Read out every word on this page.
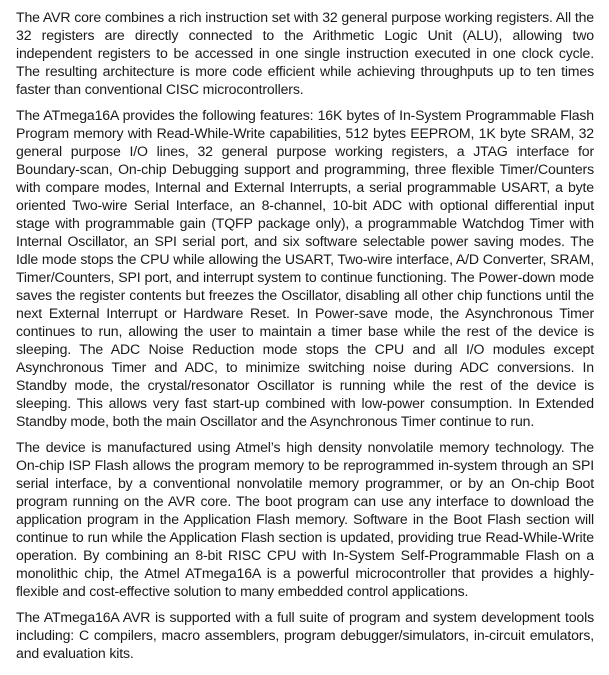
The AVR core combines a rich instruction set with 32 general purpose working registers. All the 32 registers are directly connected to the Arithmetic Logic Unit (ALU), allowing two independent registers to be accessed in one single instruction executed in one clock cycle. The resulting architecture is more code efficient while achieving throughputs up to ten times faster than conventional CISC microcontrollers.

The ATmega16A provides the following features: 16K bytes of In-System Programmable Flash Program memory with Read-While-Write capabilities, 512 bytes EEPROM, 1K byte SRAM, 32 general purpose I/O lines, 32 general purpose working registers, a JTAG interface for Boundary-scan, On-chip Debugging support and programming, three flexible Timer/Counters with compare modes, Internal and External Interrupts, a serial programmable USART, a byte oriented Two-wire Serial Interface, an 8-channel, 10-bit ADC with optional differential input stage with programmable gain (TQFP package only), a programmable Watchdog Timer with Internal Oscillator, an SPI serial port, and six software selectable power saving modes. The Idle mode stops the CPU while allowing the USART, Two-wire interface, A/D Converter, SRAM, Timer/Counters, SPI port, and interrupt system to continue functioning. The Power-down mode saves the register contents but freezes the Oscillator, disabling all other chip functions until the next External Interrupt or Hardware Reset. In Power-save mode, the Asynchronous Timer continues to run, allowing the user to maintain a timer base while the rest of the device is sleeping. The ADC Noise Reduction mode stops the CPU and all I/O modules except Asynchronous Timer and ADC, to minimize switching noise during ADC conversions. In Standby mode, the crystal/resonator Oscillator is running while the rest of the device is sleeping. This allows very fast start-up combined with low-power consumption. In Extended Standby mode, both the main Oscillator and the Asynchronous Timer continue to run.

The device is manufactured using Atmel’s high density nonvolatile memory technology. The On-chip ISP Flash allows the program memory to be reprogrammed in-system through an SPI serial interface, by a conventional nonvolatile memory programmer, or by an On-chip Boot program running on the AVR core. The boot program can use any interface to download the application program in the Application Flash memory. Software in the Boot Flash section will continue to run while the Application Flash section is updated, providing true Read-While-Write operation. By combining an 8-bit RISC CPU with In-System Self-Programmable Flash on a monolithic chip, the Atmel ATmega16A is a powerful microcontroller that provides a highly-flexible and cost-effective solution to many embedded control applications.

The ATmega16A AVR is supported with a full suite of program and system development tools including: C compilers, macro assemblers, program debugger/simulators, in-circuit emulators, and evaluation kits.
